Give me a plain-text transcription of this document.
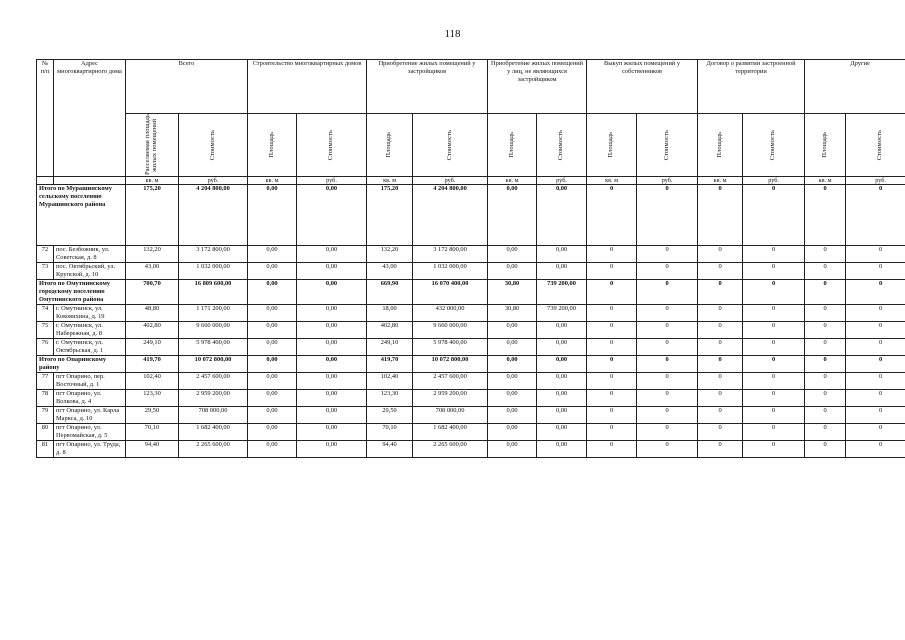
118
№ п/п	Адрес многоквартирного дома	Всего		Строительство многоквартирных домов		Приобретение жилых помещений у застройщиков		Приобретение жилых помещений у лиц, не являющихся застройщиком		Выкуп жилых помещений у собственников		Договор о развитии застроенной территории		Другие	

		Расселяемая площадь жилых помещений	Стоимость	Площадь	Стоимость	Площадь	Стоимость	Площадь	Стоимость	Площадь	Стоимость	Площадь	Стоимость	Площадь	Стоимость

		кв. м	руб.	кв. м	руб.	кв. м	руб.	кв. м	руб.	кв. м	руб.	кв. м	руб.	кв. м	руб.
Итого по Мурашинскому сельскому поселению Мурашинского района		175,20	4 204 800,00	0,00	0,00	175,20	4 204 800,00	0,00	0,00	0	0	0	0	0	0
72	пос. Безбожник, ул. Советская, д. 8	132,20	3 172 800,00	0,00	0,00	132,20	3 172 800,00	0,00	0,00	0	0	0	0	0	0
73	пос. Октябрьский, ул. Крупской, д. 10	43,00	1 032 000,00	0,00	0,00	43,00	1 032 000,00	0,00	0,00	0	0	0	0	0	0
Итого по Омутнинскому городскому поселению Омутнинского района		700,70	16 809 600,00	0,00	0,00	669,90	16 070 400,00	30,80	739 200,00	0	0	0	0	0	0
74	г. Омутнинск, ул. Коковихина, д. 19	48,80	1 171 200,00	0,00	0,00	18,00	432 000,00	30,80	739 200,00	0	0	0	0	0	0
75	г. Омутнинск, ул. Набережная, д. 8	402,80	9 660 000,00	0,00	0,00	402,80	9 660 000,00	0,00	0,00	0	0	0	0	0	0
76	г. Омутнинск, ул. Октябрьская, д. 1	249,10	5 978 400,00	0,00	0,00	249,10	5 978 400,00	0,00	0,00	0	0	0	0	0	0
Итого по Опаринскому району		419,70	10 072 800,00	0,00	0,00	419,70	10 072 800,00	0,00	0,00	0	0	0	0	0	0
77	пгт Опарино, пер. Восточный, д. 1	102,40	2 457 600,00	0,00	0,00	102,40	2 457 600,00	0,00	0,00	0	0	0	0	0	0
78	пгт Опарино, ул. Волкова, д. 4	123,30	2 959 200,00	0,00	0,00	123,30	2 959 200,00	0,00	0,00	0	0	0	0	0	0
79	пгт Опарино, ул. Карла Маркса, д. 10	29,50	708 000,00	0,00	0,00	29,50	708 000,00	0,00	0,00	0	0	0	0	0	0
80	пгт Опарино, ул. Первомайская, д. 5	70,10	1 682 400,00	0,00	0,00	70,10	1 682 400,00	0,00	0,00	0	0	0	0	0	0
81	пгт Опарино, ул. Труда, д. 8	94,40	2 265 600,00	0,00	0,00	94,40	2 265 600,00	0,00	0,00	0	0	0	0	0	0
